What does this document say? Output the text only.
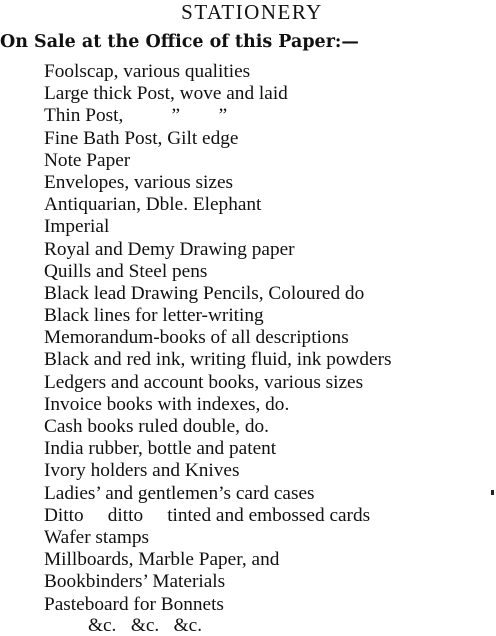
STATIONERY
On Sale at the Office of this Paper:—
Foolscap, various qualities
Large thick Post, wove and laid
Thin Post,          ”        ”
Fine Bath Post, Gilt edge
Note Paper
Envelopes, various sizes
Antiquarian, Dble. Elephant
Imperial
Royal and Demy Drawing paper
Quills and Steel pens
Black lead Drawing Pencils, Coloured do
Black lines for letter-writing
Memorandum-books of all descriptions
Black and red ink, writing fluid, ink powders
Ledgers and account books, various sizes
Invoice books with indexes, do.
Cash books ruled double, do.
India rubber, bottle and patent
Ivory holders and Knives
Ladies’ and gentlemen’s card cases
Ditto     ditto     tinted and embossed cards
Wafer stamps
Millboards, Marble Paper, and
Bookbinders’ Materials
Pasteboard for Bonnets
&c.   &c.   &c.
